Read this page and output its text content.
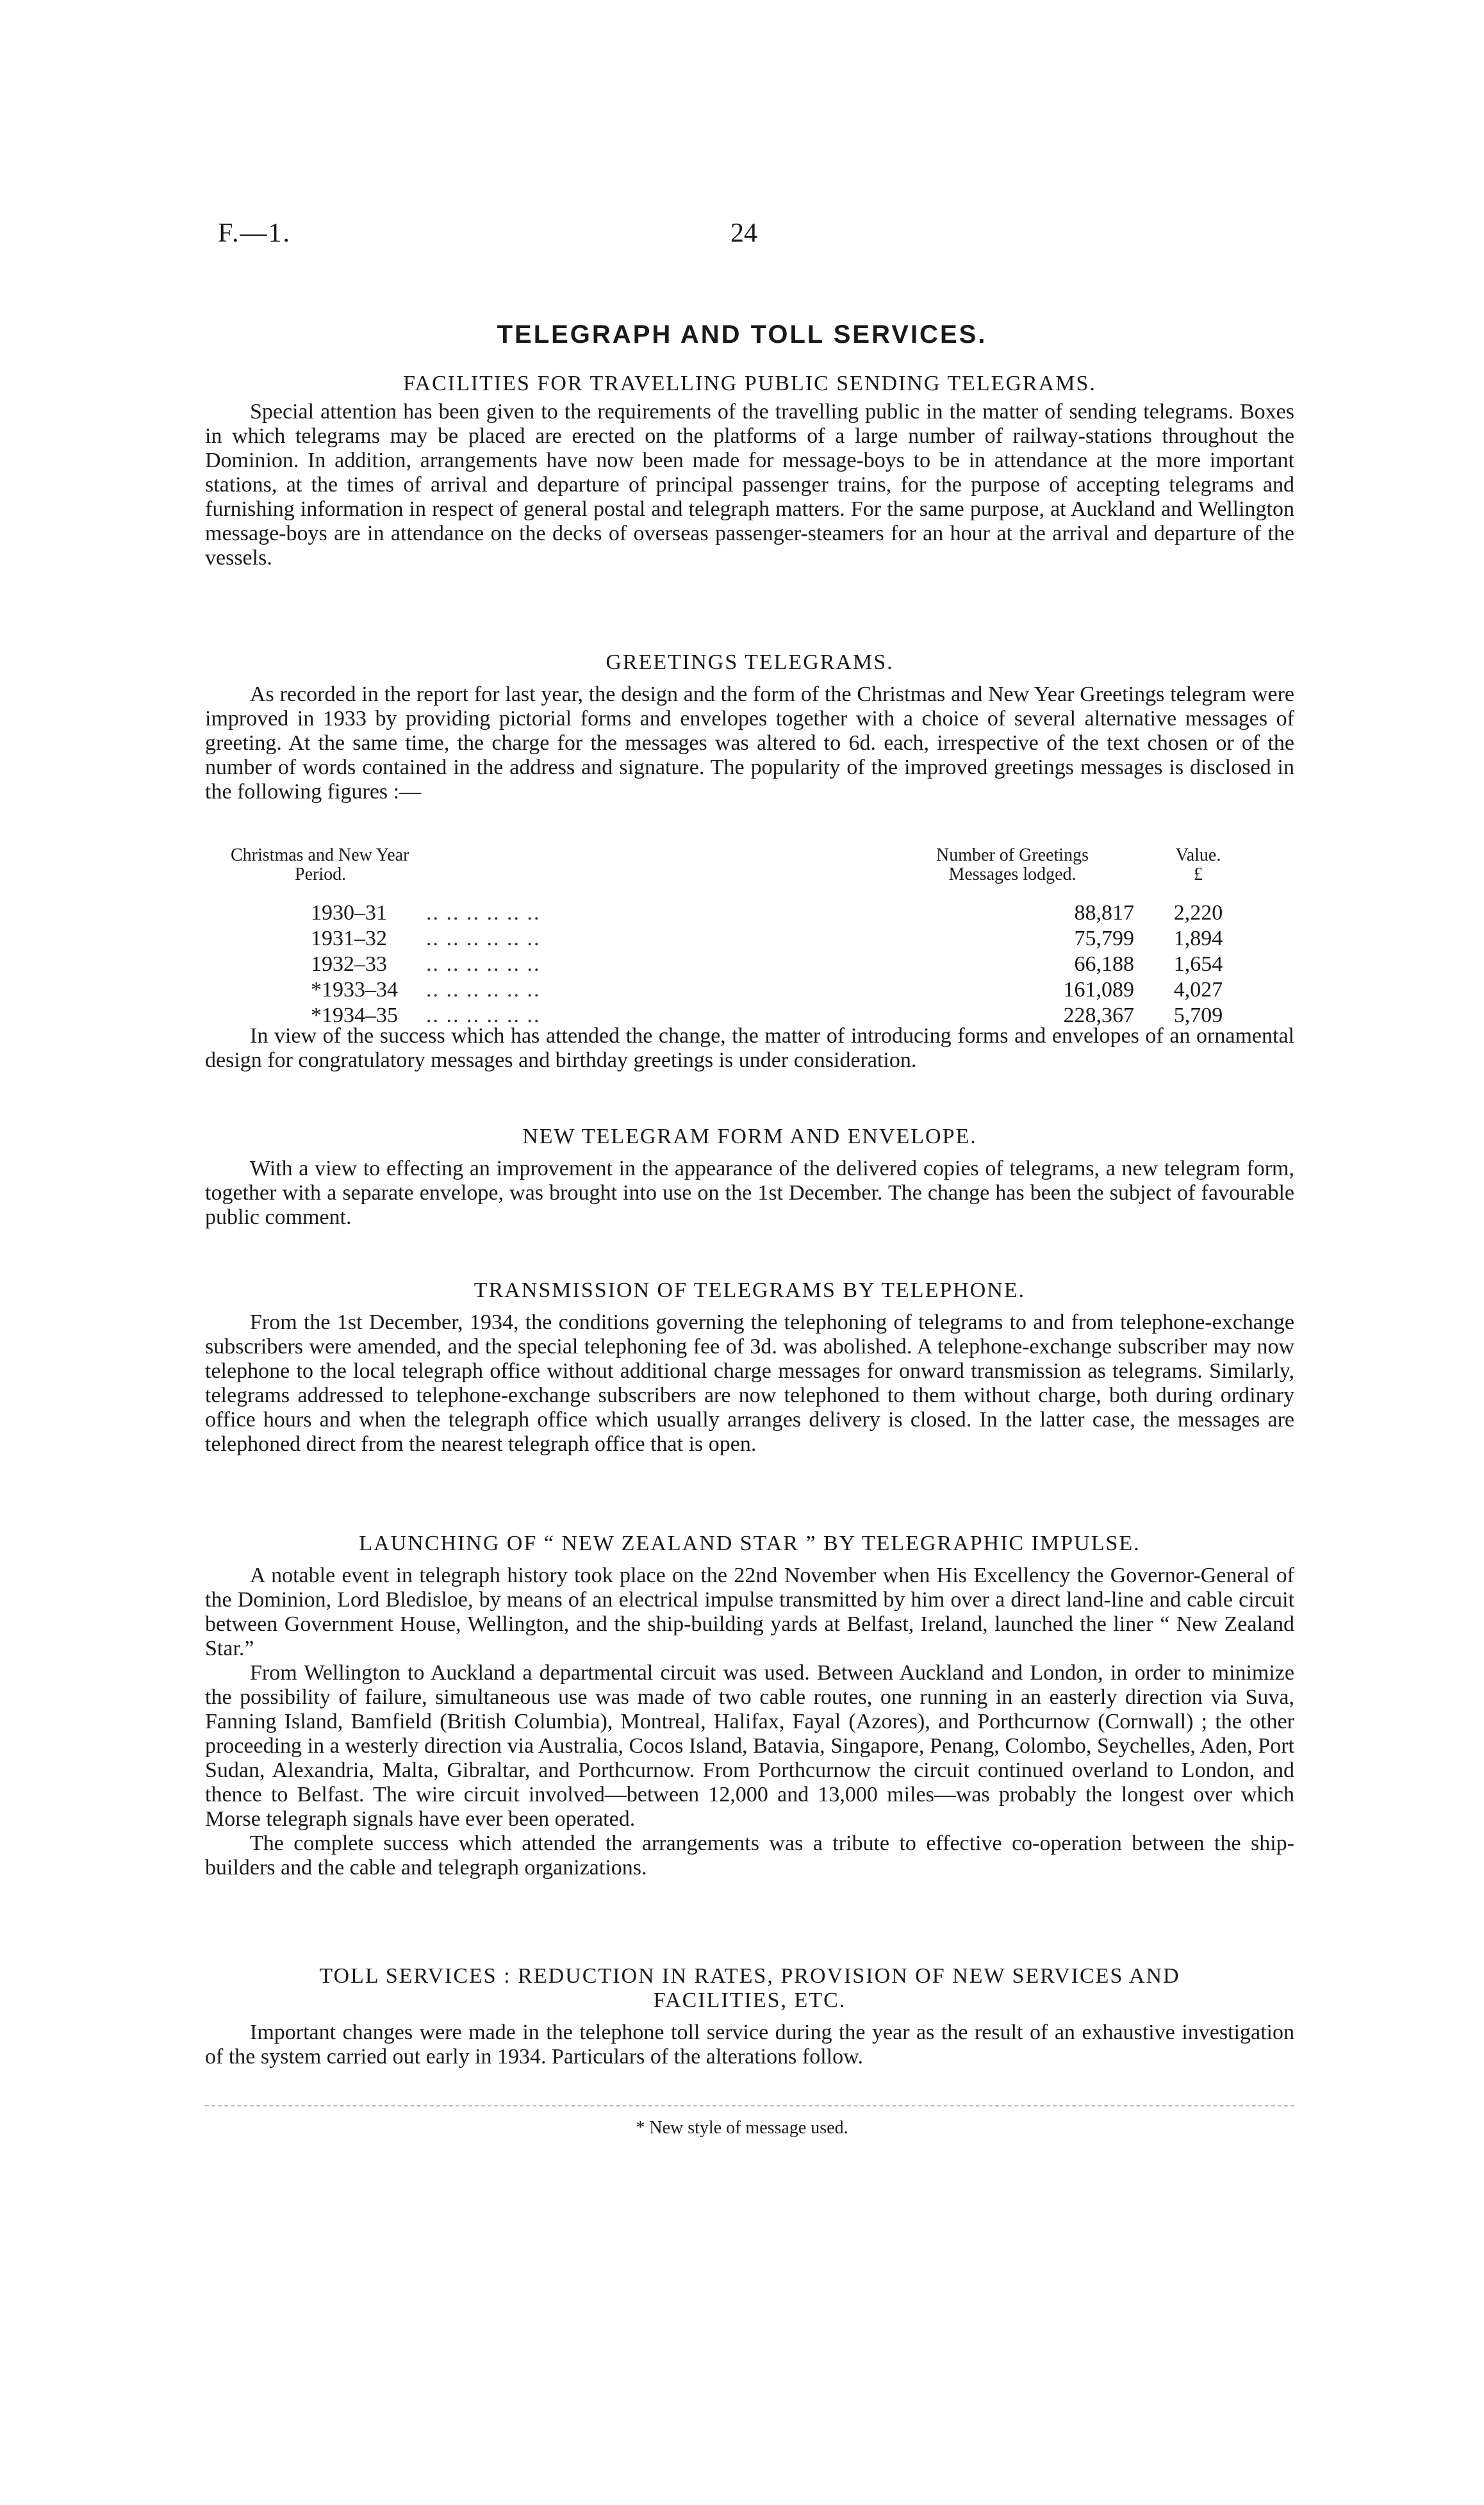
F.—1.	24
TELEGRAPH AND TOLL SERVICES.
FACILITIES FOR TRAVELLING PUBLIC SENDING TELEGRAMS.

Special attention has been given to the requirements of the travelling public in the matter of sending telegrams. Boxes in which telegrams may be placed are erected on the platforms of a large number of railway-stations throughout the Dominion. In addition, arrangements have now been made for message-boys to be in attendance at the more important stations, at the times of arrival and departure of principal passenger trains, for the purpose of accepting telegrams and furnishing information in respect of general postal and telegraph matters. For the same purpose, at Auckland and Wellington message-boys are in attendance on the decks of overseas passenger-steamers for an hour at the arrival and departure of the vessels.

GREETINGS TELEGRAMS.

As recorded in the report for last year, the design and the form of the Christmas and New Year Greetings telegram were improved in 1933 by providing pictorial forms and envelopes together with a choice of several alternative messages of greeting. At the same time, the charge for the messages was altered to 6d. each, irrespective of the text chosen or of the number of words contained in the address and signature. The popularity of the improved greetings messages is disclosed in the following figures :—

Christmas and New Year
Period.
Number of Greetings
Messages lodged.
Value.
£
1930–31	.. .. .. .. .. ..	88,817	2,220
1931–32	.. .. .. .. .. ..	75,799	1,894
1932–33	.. .. .. .. .. ..	66,188	1,654
*1933–34	.. .. .. .. .. ..	161,089	4,027
*1934–35	.. .. .. .. .. ..	228,367	5,709

In view of the success which has attended the change, the matter of introducing forms and envelopes of an ornamental design for congratulatory messages and birthday greetings is under consideration.

NEW TELEGRAM FORM AND ENVELOPE.

With a view to effecting an improvement in the appearance of the delivered copies of telegrams, a new telegram form, together with a separate envelope, was brought into use on the 1st December. The change has been the subject of favourable public comment.

TRANSMISSION OF TELEGRAMS BY TELEPHONE.

From the 1st December, 1934, the conditions governing the telephoning of telegrams to and from telephone-exchange subscribers were amended, and the special telephoning fee of 3d. was abolished. A telephone-exchange subscriber may now telephone to the local telegraph office without additional charge messages for onward transmission as telegrams. Similarly, telegrams addressed to telephone-exchange subscribers are now telephoned to them without charge, both during ordinary office hours and when the telegraph office which usually arranges delivery is closed. In the latter case, the messages are telephoned direct from the nearest telegraph office that is open.

LAUNCHING OF “ NEW ZEALAND STAR ” BY TELEGRAPHIC IMPULSE.

A notable event in telegraph history took place on the 22nd November when His Excellency the Governor-General of the Dominion, Lord Bledisloe, by means of an electrical impulse transmitted by him over a direct land-line and cable circuit between Government House, Wellington, and the ship-building yards at Belfast, Ireland, launched the liner “ New Zealand Star.”

From Wellington to Auckland a departmental circuit was used. Between Auckland and London, in order to minimize the possibility of failure, simultaneous use was made of two cable routes, one running in an easterly direction via Suva, Fanning Island, Bamfield (British Columbia), Montreal, Halifax, Fayal (Azores), and Porthcurnow (Cornwall) ; the other proceeding in a westerly direction via Australia, Cocos Island, Batavia, Singapore, Penang, Colombo, Seychelles, Aden, Port Sudan, Alexandria, Malta, Gibraltar, and Porthcurnow. From Porthcurnow the circuit continued overland to London, and thence to Belfast. The wire circuit involved—between 12,000 and 13,000 miles—was probably the longest over which Morse telegraph signals have ever been operated.

The complete success which attended the arrangements was a tribute to effective co-operation between the ship-builders and the cable and telegraph organizations.

TOLL SERVICES : REDUCTION IN RATES, PROVISION OF NEW SERVICES AND
FACILITIES, ETC.

Important changes were made in the telephone toll service during the year as the result of an exhaustive investigation of the system carried out early in 1934. Particulars of the alterations follow.

* New style of message used.
